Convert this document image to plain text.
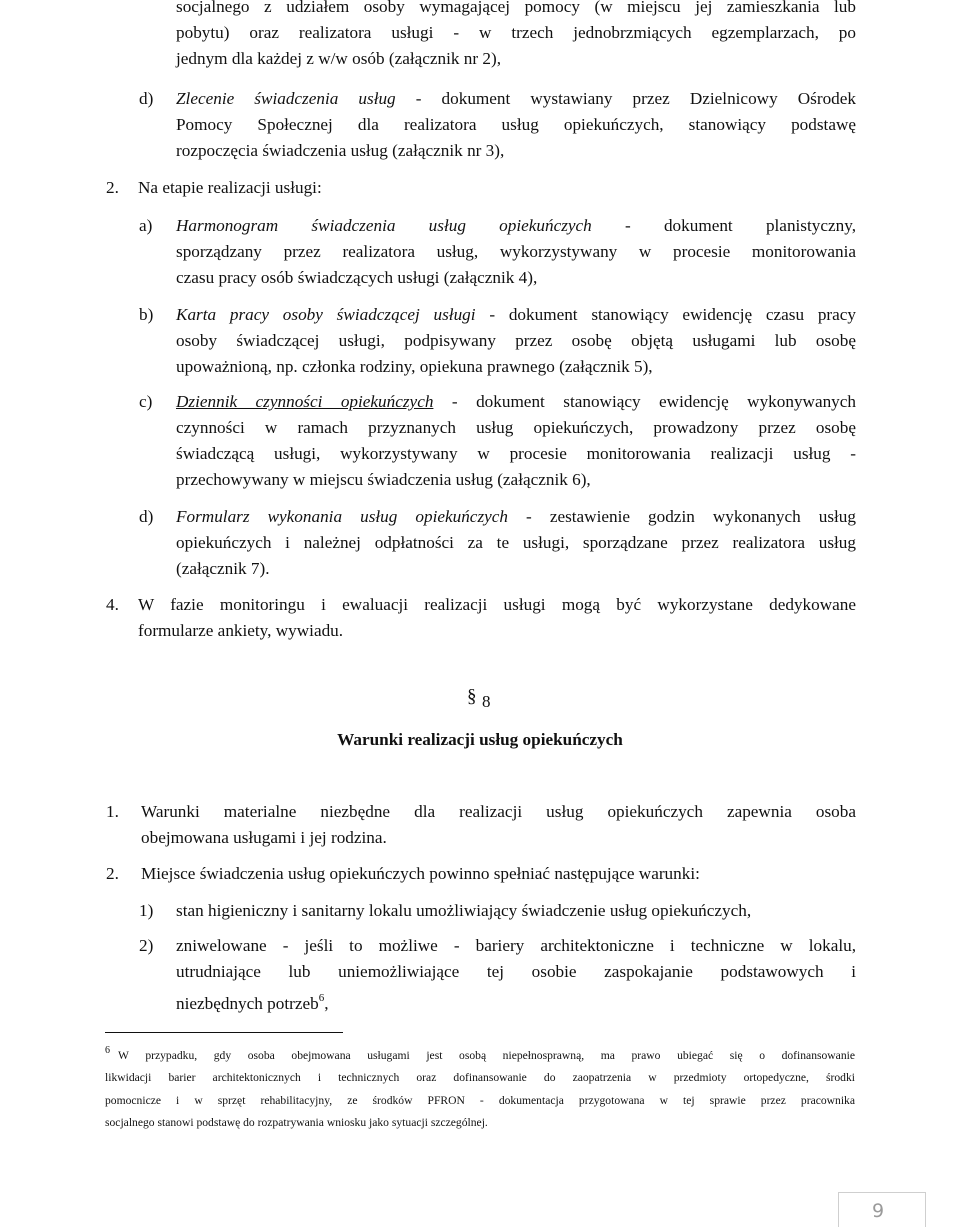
socjalnego z udziałem osoby wymagającej pomocy (w miejscu jej zamieszkania lub
pobytu) oraz realizatora usługi - w trzech jednobrzmiących egzemplarzach, po
jednym dla każdej z w/w osób (załącznik nr 2),
d) Zlecenie świadczenia usług - dokument wystawiany przez Dzielnicowy Ośrodek
Pomocy Społecznej dla realizatora usług opiekuńczych, stanowiący podstawę
rozpoczęcia świadczenia usług (załącznik nr 3),
2. Na etapie realizacji usługi:
a) Harmonogram świadczenia usług opiekuńczych - dokument planistyczny,
sporządzany przez realizatora usług, wykorzystywany w procesie monitorowania
czasu pracy osób świadczących usługi (załącznik 4),
b) Karta pracy osoby świadczącej usługi - dokument stanowiący ewidencję czasu pracy
osoby świadczącej usługi, podpisywany przez osobę objętą usługami lub osobę
upoważnioną, np. członka rodziny, opiekuna prawnego (załącznik 5),
c) Dziennik czynności opiekuńczych - dokument stanowiący ewidencję wykonywanych
czynności w ramach przyznanych usług opiekuńczych, prowadzony przez osobę
świadczącą usługi, wykorzystywany w procesie monitorowania realizacji usług -
przechowywany w miejscu świadczenia usług (załącznik 6),
d) Formularz wykonania usług opiekuńczych - zestawienie godzin wykonanych usług
opiekuńczych i należnej odpłatności za te usługi, sporządzane przez realizatora usług
(załącznik 7).
4. W fazie monitoringu i ewaluacji realizacji usługi mogą być wykorzystane dedykowane
formularze ankiety, wywiadu.
§ 8
Warunki realizacji usług opiekuńczych
1. Warunki materialne niezbędne dla realizacji usług opiekuńczych zapewnia osoba
obejmowana usługami i jej rodzina.
2. Miejsce świadczenia usług opiekuńczych powinno spełniać następujące warunki:
1) stan higieniczny i sanitarny lokalu umożliwiający świadczenie usług opiekuńczych,
2) zniwelowane - jeśli to możliwe - bariery architektoniczne i techniczne w lokalu,
utrudniające lub uniemożliwiające tej osobie zaspokajanie podstawowych i
niezbędnych potrzeb$^6$,
$^6$ W przypadku, gdy osoba obejmowana usługami jest osobą niepełnosprawną, ma prawo ubiegać się o dofinansowanie
likwidacji barier architektonicznych i technicznych oraz dofinansowanie do zaopatrzenia w przedmioty ortopedyczne, środki
pomocnicze i w sprzęt rehabilitacyjny, ze środków PFRON - dokumentacja przygotowana w tej sprawie przez pracownika
socjalnego stanowi podstawę do rozpatrywania wniosku jako sytuacji szczególnej.
9
